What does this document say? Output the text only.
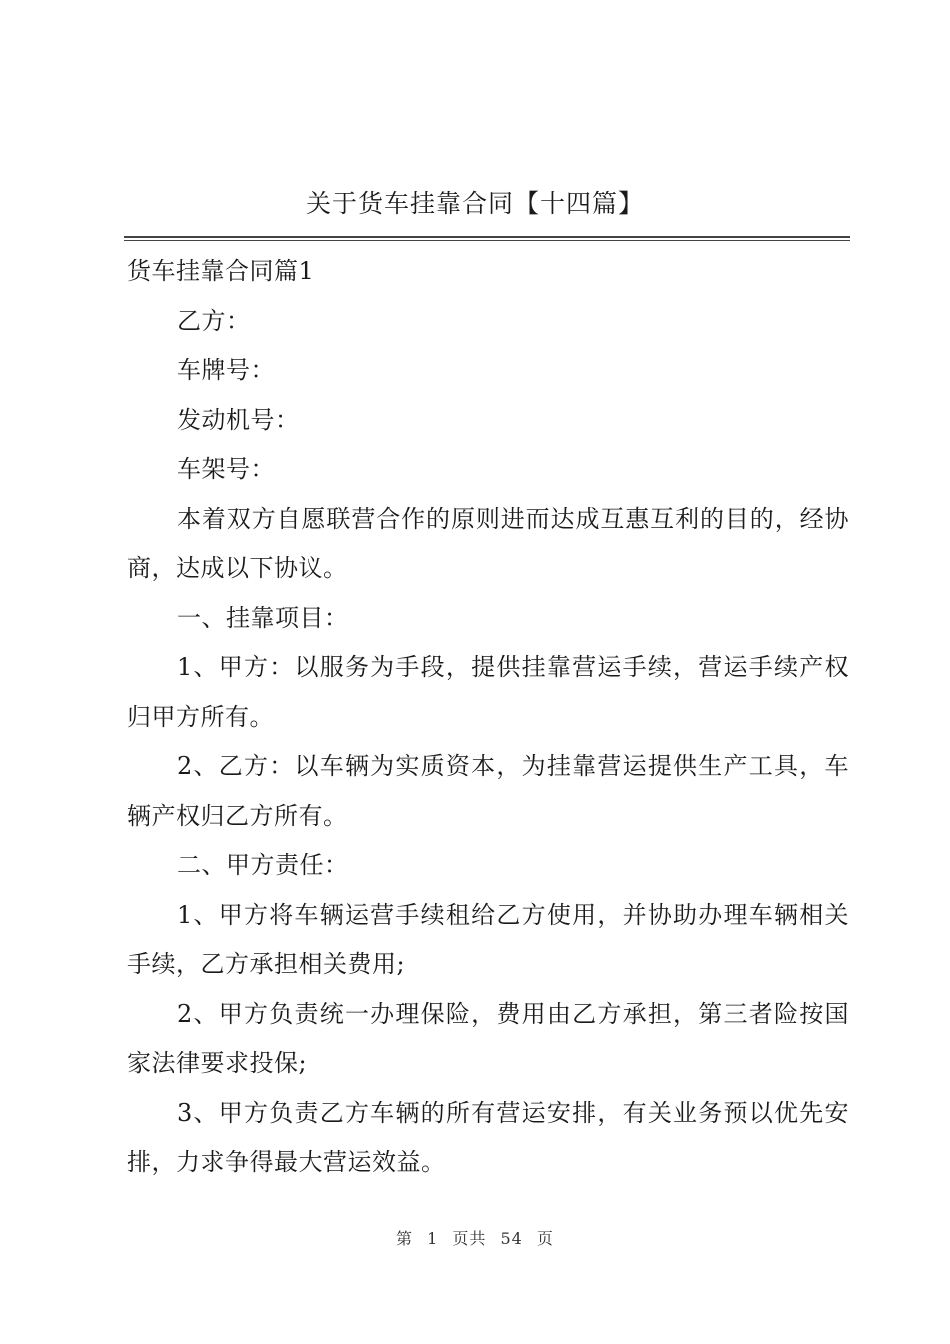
关于货车挂靠合同【十四篇】

货车挂靠合同篇1

乙方：

车牌号：

发动机号：

车架号：

本着双方自愿联营合作的原则进而达成互惠互利的目的，经协商，达成以下协议。

一、挂靠项目：

1、甲方：以服务为手段，提供挂靠营运手续，营运手续产权归甲方所有。

2、乙方：以车辆为实质资本，为挂靠营运提供生产工具，车辆产权归乙方所有。

二、甲方责任：

1、甲方将车辆运营手续租给乙方使用，并协助办理车辆相关手续，乙方承担相关费用;

2、甲方负责统一办理保险，费用由乙方承担，第三者险按国家法律要求投保;

3、甲方负责乙方车辆的所有营运安排，有关业务预以优先安排，力求争得最大营运效益。

第 1 页共 54 页
